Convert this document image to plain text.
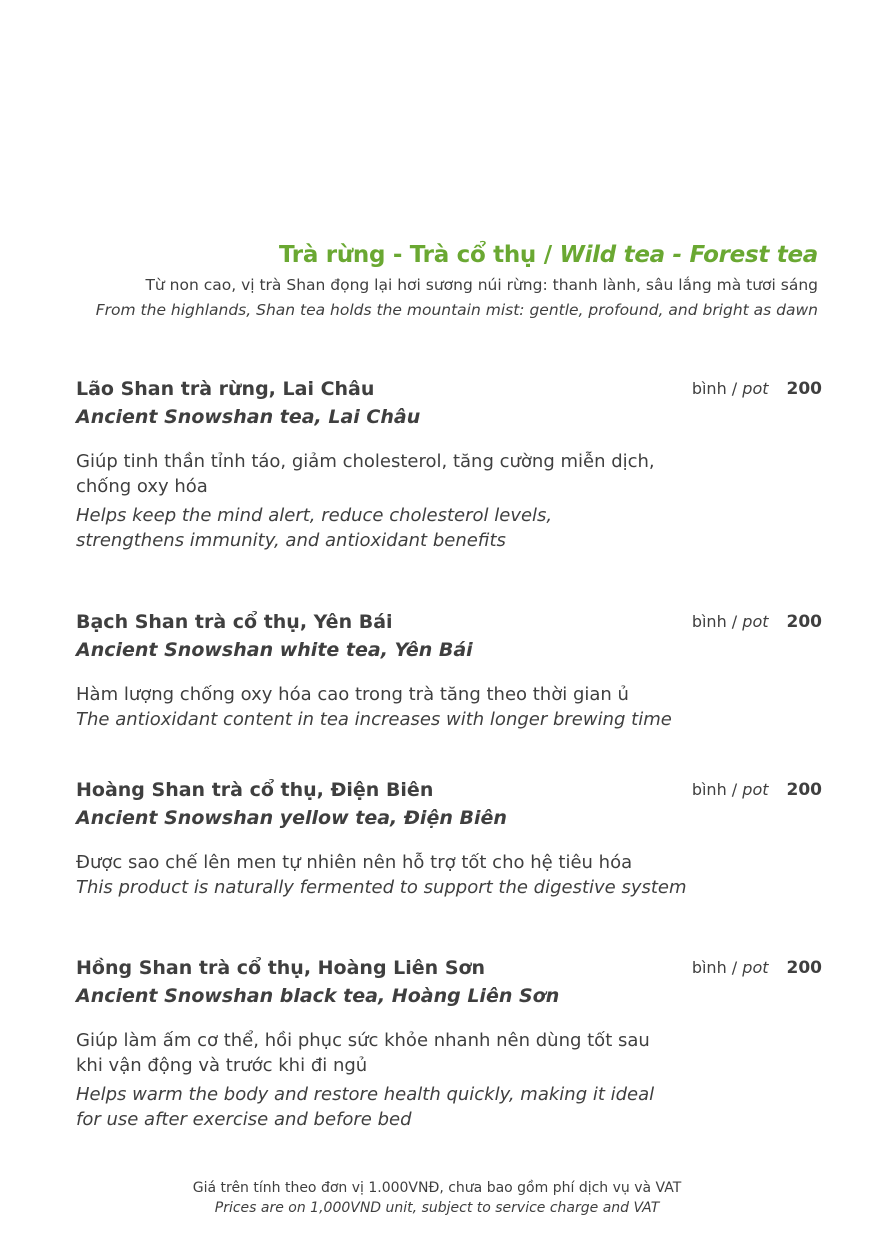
Trà rừng - Trà cổ thụ / Wild tea - Forest tea
Từ non cao, vị trà Shan đọng lại hơi sương núi rừng: thanh lành, sâu lắng mà tươi sáng
From the highlands, Shan tea holds the mountain mist: gentle, profound, and bright as dawn
Lão Shan trà rừng, Lai Châu
Ancient Snowshan tea, Lai Châu
bình / pot 200
Giúp tinh thần tỉnh táo, giảm cholesterol, tăng cường miễn dịch, chống oxy hóa
Helps keep the mind alert, reduce cholesterol levels, strengthens immunity, and antioxidant benefits
Bạch Shan trà cổ thụ, Yên Bái
Ancient Snowshan white tea, Yên Bái
bình / pot 200
Hàm lượng chống oxy hóa cao trong trà tăng theo thời gian ủ
The antioxidant content in tea increases with longer brewing time
Hoàng Shan trà cổ thụ, Điện Biên
Ancient Snowshan yellow tea, Điện Biên
bình / pot 200
Được sao chế lên men tự nhiên nên hỗ trợ tốt cho hệ tiêu hóa
This product is naturally fermented to support the digestive system
Hồng Shan trà cổ thụ, Hoàng Liên Sơn
Ancient Snowshan black tea, Hoàng Liên Sơn
bình / pot 200
Giúp làm ấm cơ thể, hồi phục sức khỏe nhanh nên dùng tốt sau khi vận động và trước khi đi ngủ
Helps warm the body and restore health quickly, making it ideal for use after exercise and before bed
Giá trên tính theo đơn vị 1.000VNĐ, chưa bao gồm phí dịch vụ và VAT
Prices are on 1,000VND unit, subject to service charge and VAT
